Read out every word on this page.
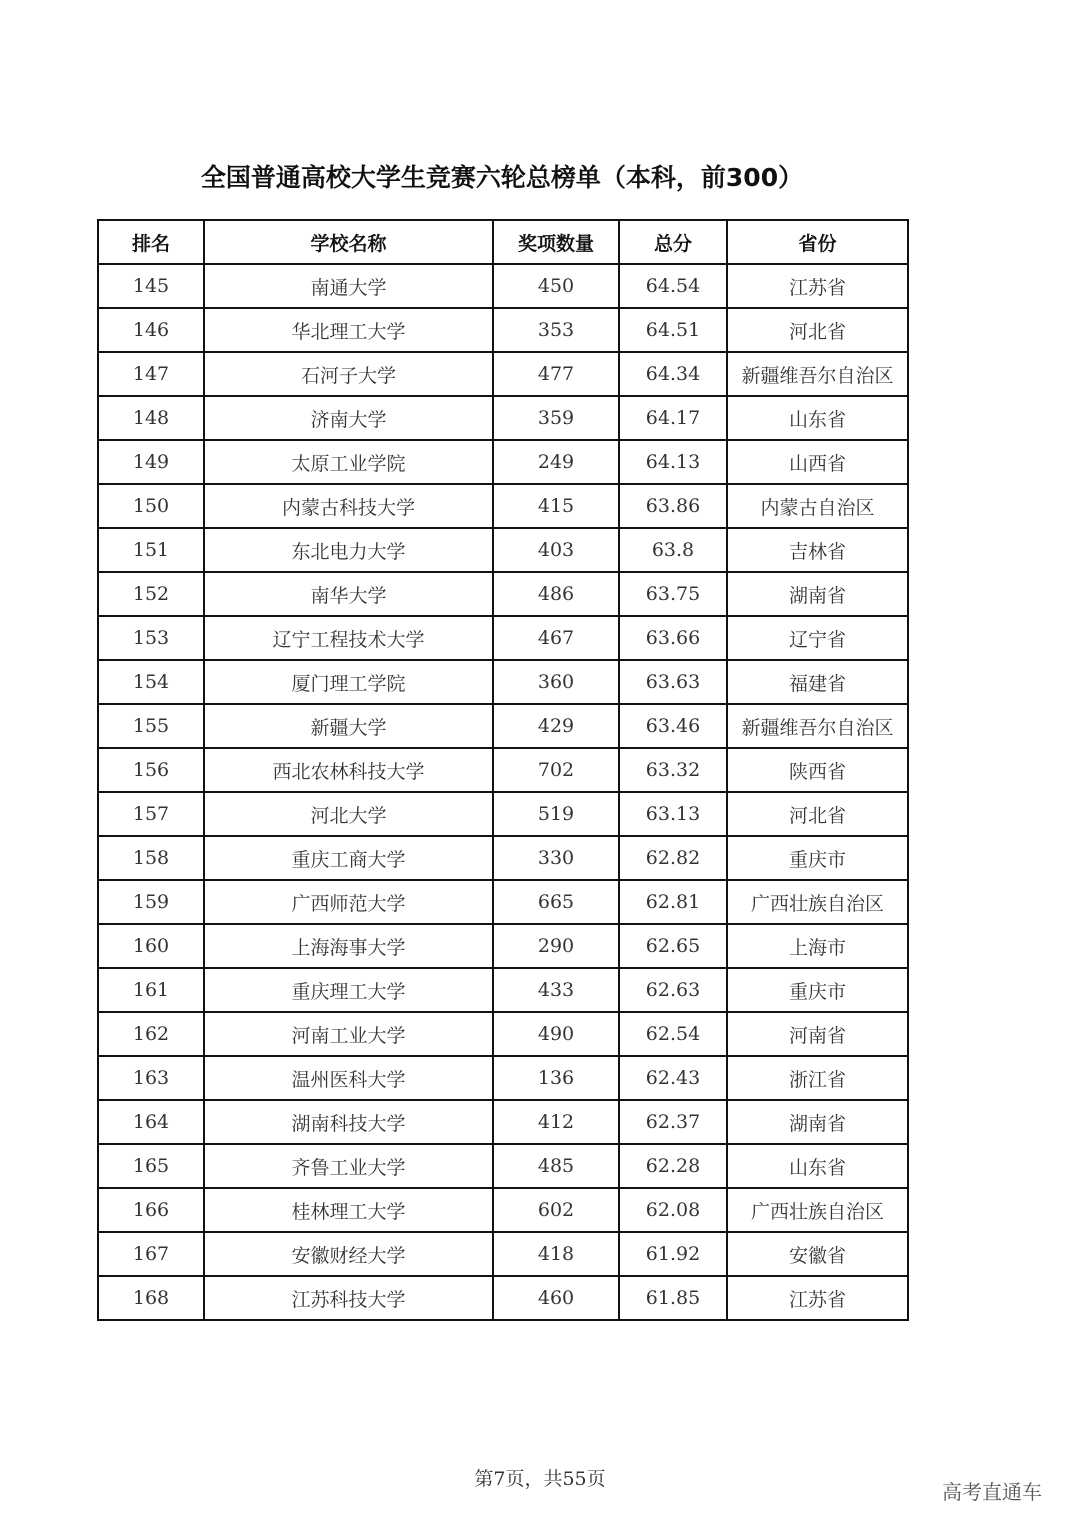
全国普通高校大学生竞赛六轮总榜单（本科，前300）
排名	学校名称	奖项数量	总分	省份
145	南通大学	450	64.54	江苏省
146	华北理工大学	353	64.51	河北省
147	石河子大学	477	64.34	新疆维吾尔自治区
148	济南大学	359	64.17	山东省
149	太原工业学院	249	64.13	山西省
150	内蒙古科技大学	415	63.86	内蒙古自治区
151	东北电力大学	403	63.8	吉林省
152	南华大学	486	63.75	湖南省
153	辽宁工程技术大学	467	63.66	辽宁省
154	厦门理工学院	360	63.63	福建省
155	新疆大学	429	63.46	新疆维吾尔自治区
156	西北农林科技大学	702	63.32	陕西省
157	河北大学	519	63.13	河北省
158	重庆工商大学	330	62.82	重庆市
159	广西师范大学	665	62.81	广西壮族自治区
160	上海海事大学	290	62.65	上海市
161	重庆理工大学	433	62.63	重庆市
162	河南工业大学	490	62.54	河南省
163	温州医科大学	136	62.43	浙江省
164	湖南科技大学	412	62.37	湖南省
165	齐鲁工业大学	485	62.28	山东省
166	桂林理工大学	602	62.08	广西壮族自治区
167	安徽财经大学	418	61.92	安徽省
168	江苏科技大学	460	61.85	江苏省
第7页，共55页
高考直通车
